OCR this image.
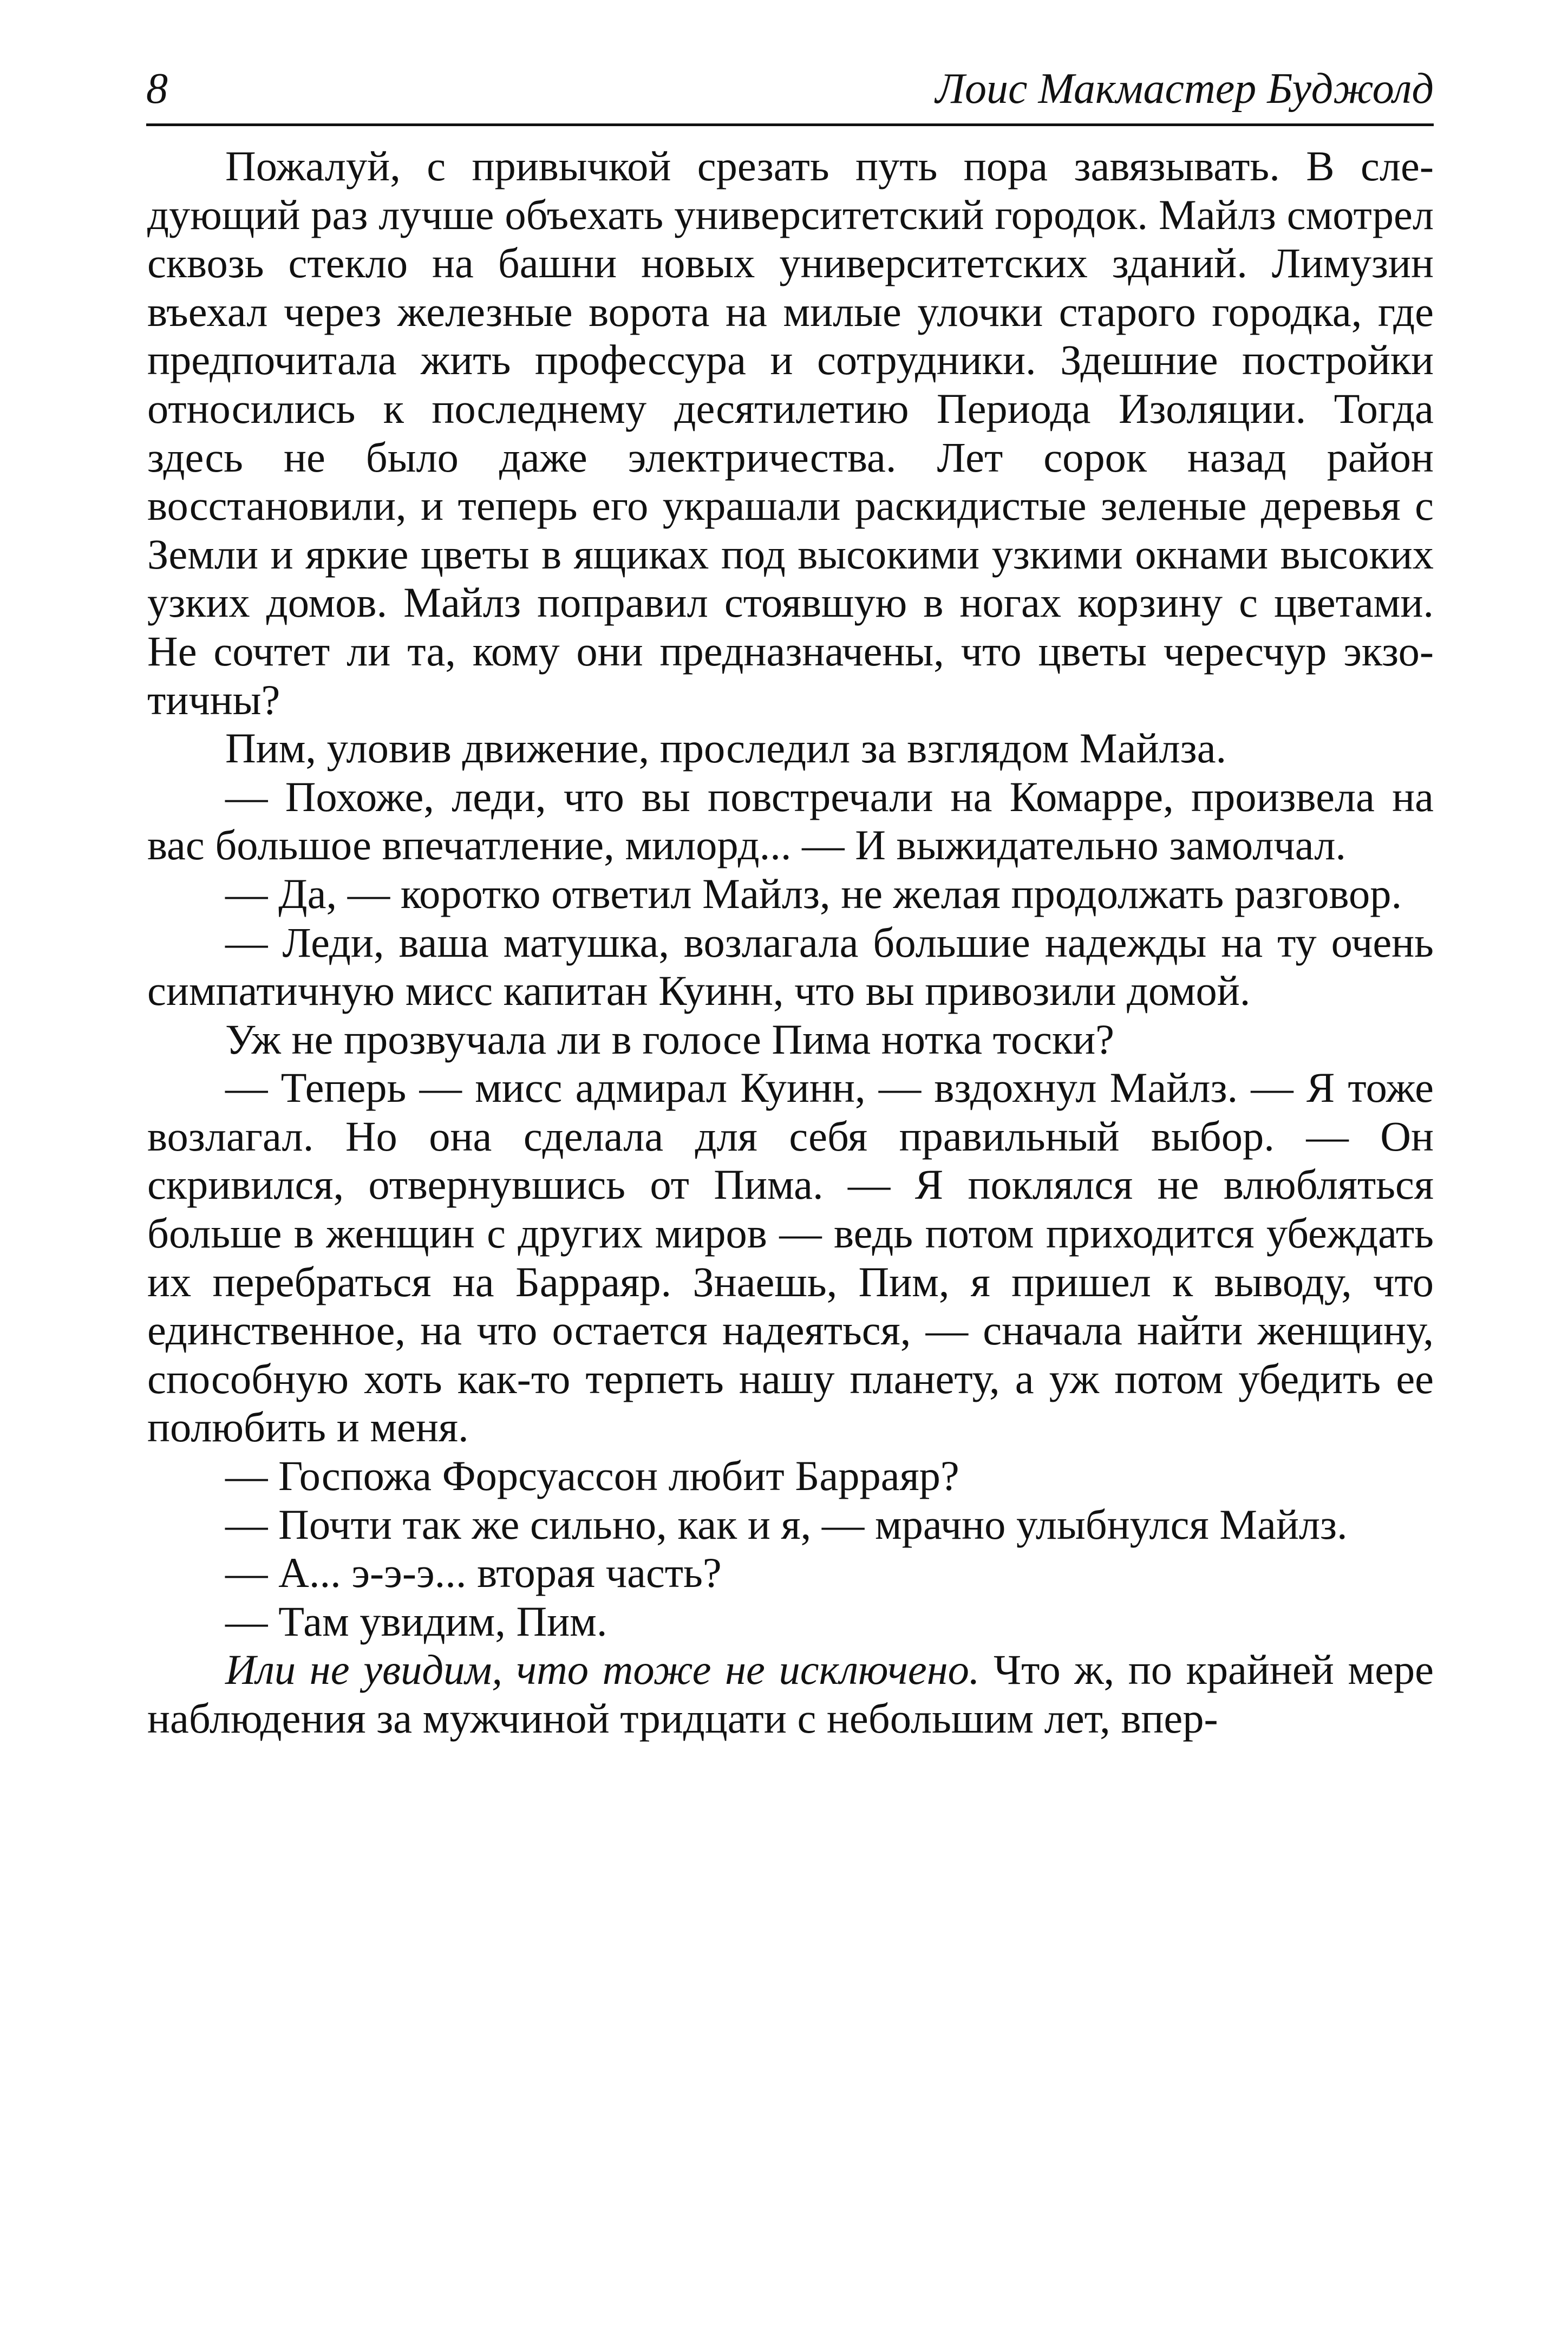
8	Лоис Макмастер Буджолд

Пожалуй, с привычкой срезать путь пора завязывать. В следующий раз лучше объехать университетский городок. Майлз смотрел сквозь стекло на башни новых университетских зданий. Лимузин въехал через железные ворота на милые улочки старого городка, где предпочитала жить профессура и сотрудники. Здешние постройки относились к последнему десятилетию Периода Изоляции. Тогда здесь не было даже электричества. Лет сорок назад район восстановили, и теперь его украшали раскидистые зеленые деревья с Земли и яркие цветы в ящиках под высокими узкими окнами высоких узких домов. Майлз поправил стоявшую в ногах корзину с цветами. Не сочтет ли та, кому они предназначены, что цветы чересчур экзотичны?

Пим, уловив движение, проследил за взглядом Майлза.

— Похоже, леди, что вы повстречали на Комарре, произвела на вас большое впечатление, милорд... — И выжидательно замолчал.

— Да, — коротко ответил Майлз, не желая продолжать разговор.

— Леди, ваша матушка, возлагала большие надежды на ту очень симпатичную мисс капитан Куинн, что вы привозили домой.

Уж не прозвучала ли в голосе Пима нотка тоски?

— Теперь — мисс адмирал Куинн, — вздохнул Майлз. — Я тоже возлагал. Но она сделала для себя правильный выбор. — Он скривился, отвернувшись от Пима. — Я поклялся не влюбляться больше в женщин с других миров — ведь потом приходится убеждать их перебраться на Барраяр. Знаешь, Пим, я пришел к выводу, что единственное, на что остается надеяться, — сначала найти женщину, способную хоть как-то терпеть нашу планету, а уж потом убедить ее полюбить и меня.

— Госпожа Форсуассон любит Барраяр?

— Почти так же сильно, как и я, — мрачно улыбнулся Майлз.

— А... э-э-э... вторая часть?

— Там увидим, Пим.

Или не увидим, что тоже не исключено. Что ж, по крайней мере наблюдения за мужчиной тридцати с небольшим лет, впер-
